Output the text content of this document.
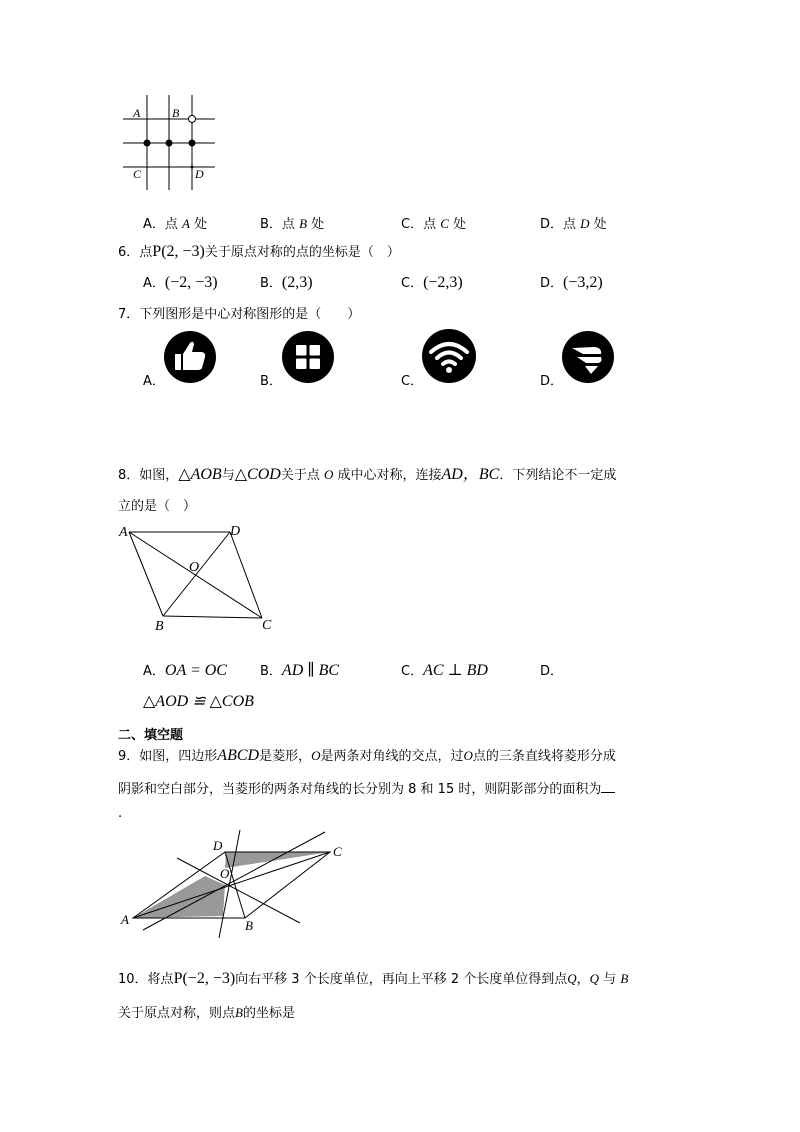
A	B
C	D
A．点 A 处	B．点 B 处	C．点 C 处	D．点 D 处
6．点P(2, −3)关于原点对称的点的坐标是（　）
A．(−2, −3)	B．(2,3)	C．(−2,3)	D．(−3,2)
7．下列图形是中心对称图形的是（　　）
A．	B．	C．	D．
8．如图，△AOB与△COD关于点 O 成中心对称，连接AD，BC．下列结论不一定成
立的是（　）
A	D
O
B	C
A．OA = OC	B．AD ∥ BC	C．AC ⊥ BD	D．
△AOD ≌ △COB
二、填空题
9．如图，四边形ABCD是菱形，O是两条对角线的交点，过O点的三条直线将菱形分成
阴影和空白部分，当菱形的两条对角线的长分别为 8 和 15 时，则阴影部分的面积为
.
D	C
O
A	B
10．将点P(−2, −3)向右平移 3 个长度单位，再向上平移 2 个长度单位得到点Q，Q 与 B
关于原点对称，则点B的坐标是
